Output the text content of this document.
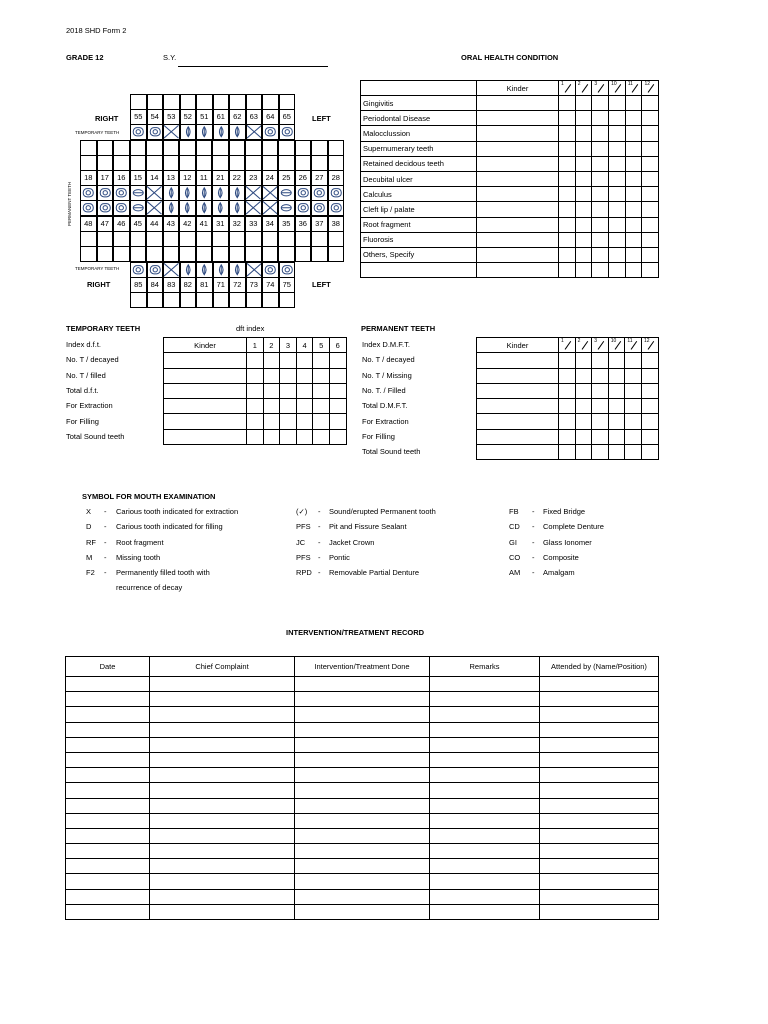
2018 SHD Form 2
GRADE 12	S.Y.	ORAL HEALTH CONDITION
RIGHT	LEFT
TEMPORARY TEETH
PERMANENT TEETH
TEMPORARY TEETH
RIGHT	LEFT
55	54	53	52	51	61	62	63	64	65
18	17	16	15	14	13	12	11	21	22	23	24	25	26	27	28
48	47	46	45	44	43	42	41	31	32	33	34	35	36	37	38
85	84	83	82	81	71	72	73	74	75
	Kinder	1	2	3	10	11	12

Gingivitis							
Periodontal Disease							
Malocclussion							
Supernumerary teeth							
Retained decidous teeth							
Decubital ulcer							
Calculus							
Cleft lip / palate							
Root fragment							
Fluorosis							
Others, Specify							

TEMPORARY TEETH	dft index
Index d.f.t.
No. T / decayed
No. T / filled
Total d.f.t.
For Extraction
For Filling
Total Sound teeth
Kinder	1	2	3	4	5	6

PERMANENT TEETH
Index D.M.F.T.
No. T / decayed
No. T / Missing
No. T. / Filled
Total D.M.F.T.
For Extraction
For Filling
Total Sound teeth
Kinder	1	2	3	10	11	12

SYMBOL FOR MOUTH EXAMINATION
X - Carious tooth indicated for extraction
D - Carious tooth indicated for filling
RF - Root fragment
M - Missing tooth
F2 - Permanently filled tooth with
(✓) - Sound/erupted Permanent tooth
PFS - Pit and Fissure Sealant
JC - Jacket Crown
PFS - Pontic
RPD - Removable Partial Denture
FB - Fixed Bridge
CD - Complete Denture
GI - Glass Ionomer
CO - Composite
AM - Amalgam
recurrence of decay
INTERVENTION/TREATMENT RECORD
Date	Chief Complaint	Intervention/Treatment Done	Remarks	Attended by (Name/Position)
